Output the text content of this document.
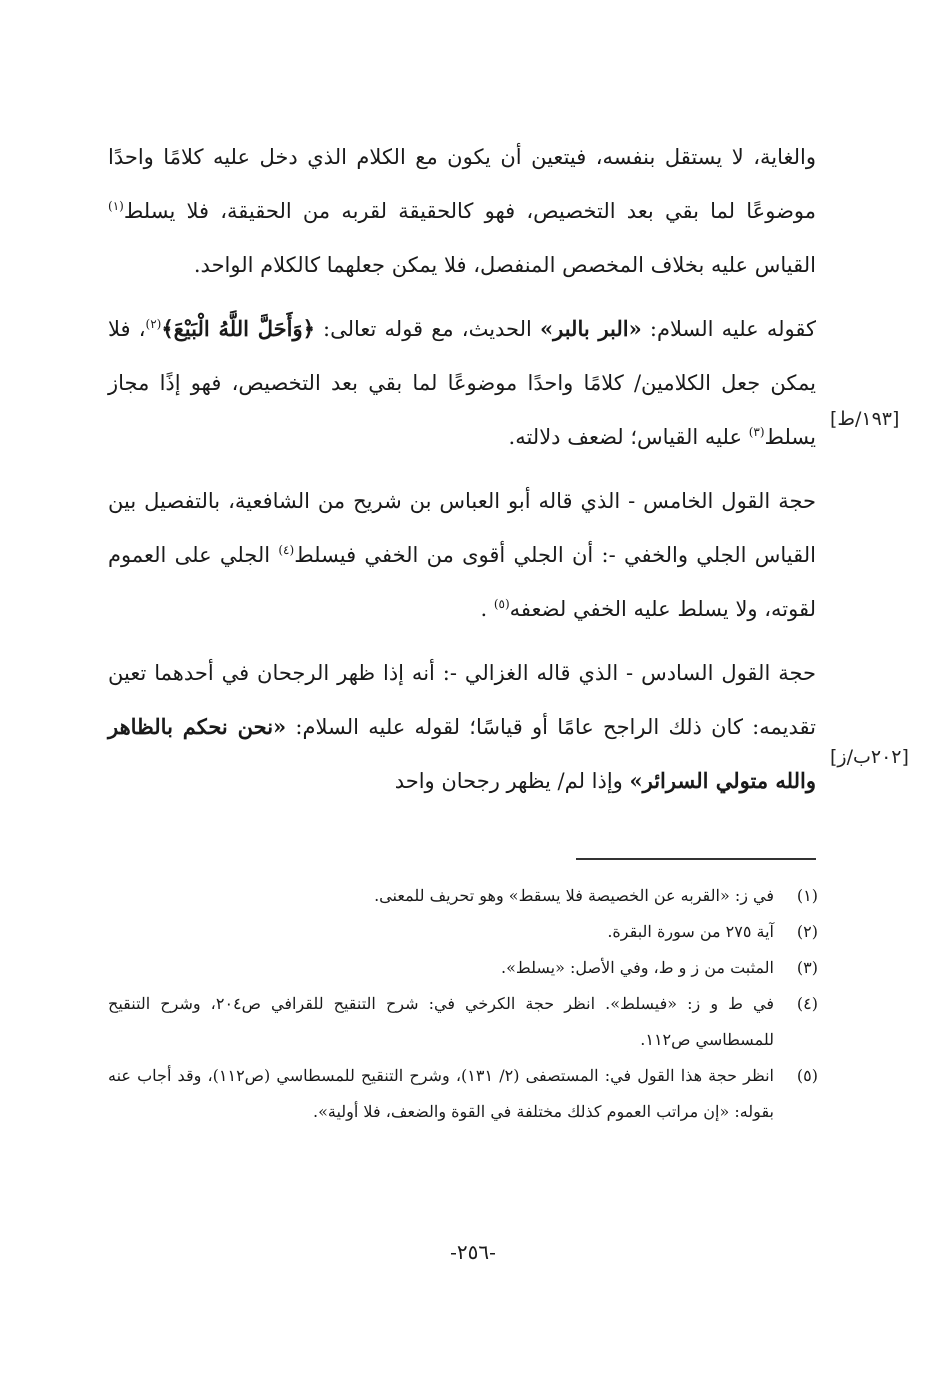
[١٩٣/ط]
[٢٠٢ب/ز]

والغاية، لا يستقل بنفسه، فيتعين أن يكون مع الكلام الذي دخل عليه كلامًا واحدًا موضوعًا لما بقي بعد التخصيص، فهو كالحقيقة لقربه من الحقيقة، فلا يسلط$^{(١)}$ القياس عليه بخلاف المخصص المنفصل، فلا يمكن جعلهما كالكلام الواحد.

كقوله عليه السلام: «البر بالبر» الحديث، مع قوله تعالى: ﴿وَأَحَلَّ اللَّهُ الْبَيْعَ﴾$^{(٢)}$، فلا يمكن جعل الكلامين/ كلامًا واحدًا موضوعًا لما بقي بعد التخصيص، فهو إذًا مجاز يسلط$^{(٣)}$ عليه القياس؛ لضعف دلالته.

حجة القول الخامس - الذي قاله أبو العباس بن شريح من الشافعية، بالتفصيل بين القياس الجلي والخفي -: أن الجلي أقوى من الخفي فيسلط$^{(٤)}$ الجلي على العموم لقوته، ولا يسلط عليه الخفي لضعفه$^{(٥)}$ .

حجة القول السادس - الذي قاله الغزالي -: أنه إذا ظهر الرجحان في أحدهما تعين تقديمه: كان ذلك الراجح عامًا أو قياسًا؛ لقوله عليه السلام: «نحن نحكم بالظاهر والله متولي السرائر» وإذا لم/ يظهر رجحان واحد

(١)
في ز: «القربه عن الخصيصة فلا يسقط» وهو تحريف للمعنى.
(٢)
آية ٢٧٥ من سورة البقرة.
(٣)
المثبت من ز و ط، وفي الأصل: «يسلط».
(٤)
في ط و ز: «فيسلط». انظر حجة الكرخي في: شرح التنقيح للقرافي ص٢٠٤، وشرح التنقيح للمسطاسي ص١١٢.
(٥)
انظر حجة هذا القول في: المستصفى (٢/ ١٣١)، وشرح التنقيح للمسطاسي (ص١١٢)، وقد أجاب عنه بقوله: «إن مراتب العموم كذلك مختلفة في القوة والضعف، فلا أولية».
-٢٥٦-
